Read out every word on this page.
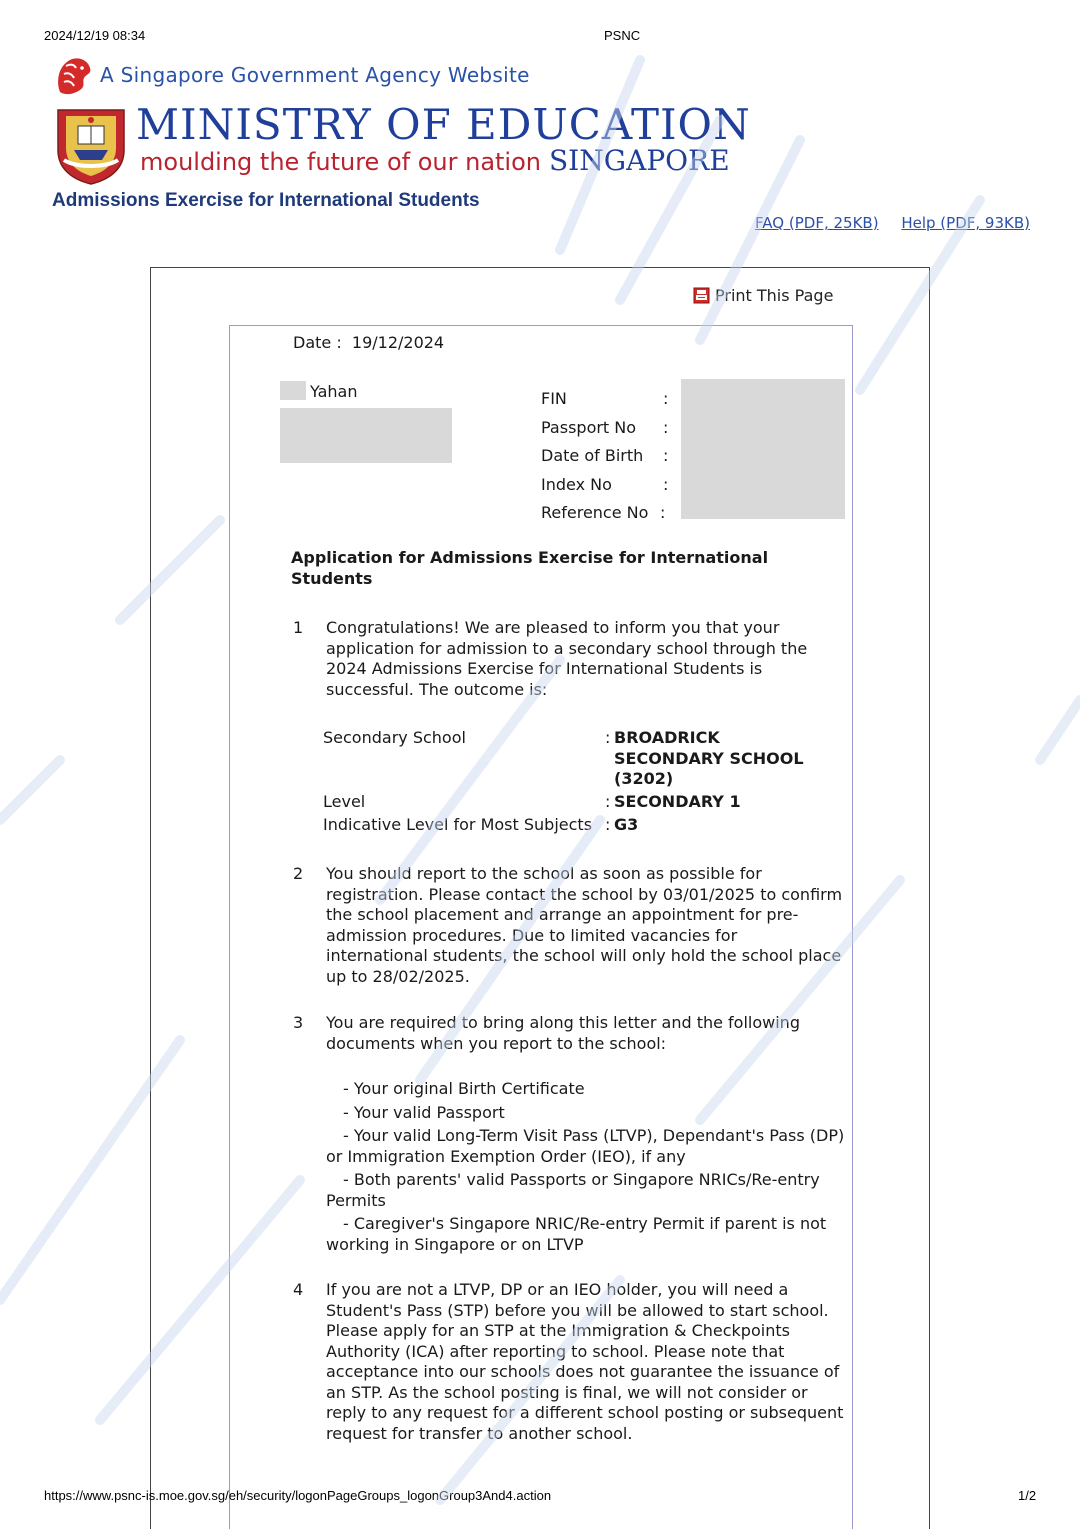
2024/12/19 08:34	PSNC
A Singapore Government Agency Website
MINISTRY OF EDUCATION
moulding the future of our nation SINGAPORE
Admissions Exercise for International Students
FAQ (PDF, 25KB) Help (PDF, 93KB)
Print This Page
Date : 19/12/2024
Yahan	FIN	:
Passport No :
Date of Birth :
Index No	:
Reference No :
Application for Admissions Exercise for International Students
1 Congratulations! We are pleased to inform you that your application for admission to a secondary school through the 2024 Admissions Exercise for International Students is successful. The outcome is:
Secondary School	: BROADRICK SECONDARY SCHOOL (3202)
Level	: SECONDARY 1
Indicative Level for Most Subjects : G3
2 You should report to the school as soon as possible for registration. Please contact the school by 03/01/2025 to confirm the school placement and arrange an appointment for pre-admission procedures. Due to limited vacancies for international students, the school will only hold the school place up to 28/02/2025.
3 You are required to bring along this letter and the following documents when you report to the school:
- Your original Birth Certificate
- Your valid Passport
- Your valid Long-Term Visit Pass (LTVP), Dependant's Pass (DP) or Immigration Exemption Order (IEO), if any
- Both parents' valid Passports or Singapore NRICs/Re-entry Permits
- Caregiver's Singapore NRIC/Re-entry Permit if parent is not working in Singapore or on LTVP
4 If you are not a LTVP, DP or an IEO holder, you will need a Student's Pass (STP) before you will be allowed to start school. Please apply for an STP at the Immigration & Checkpoints Authority (ICA) after reporting to school. Please note that acceptance into our schools does not guarantee the issuance of an STP. As the school posting is final, we will not consider or reply to any request for a different school posting or subsequent request for transfer to another school.
https://www.psnc-is.moe.gov.sg/eh/security/logonPageGroups_logonGroup3And4.action	1/2
